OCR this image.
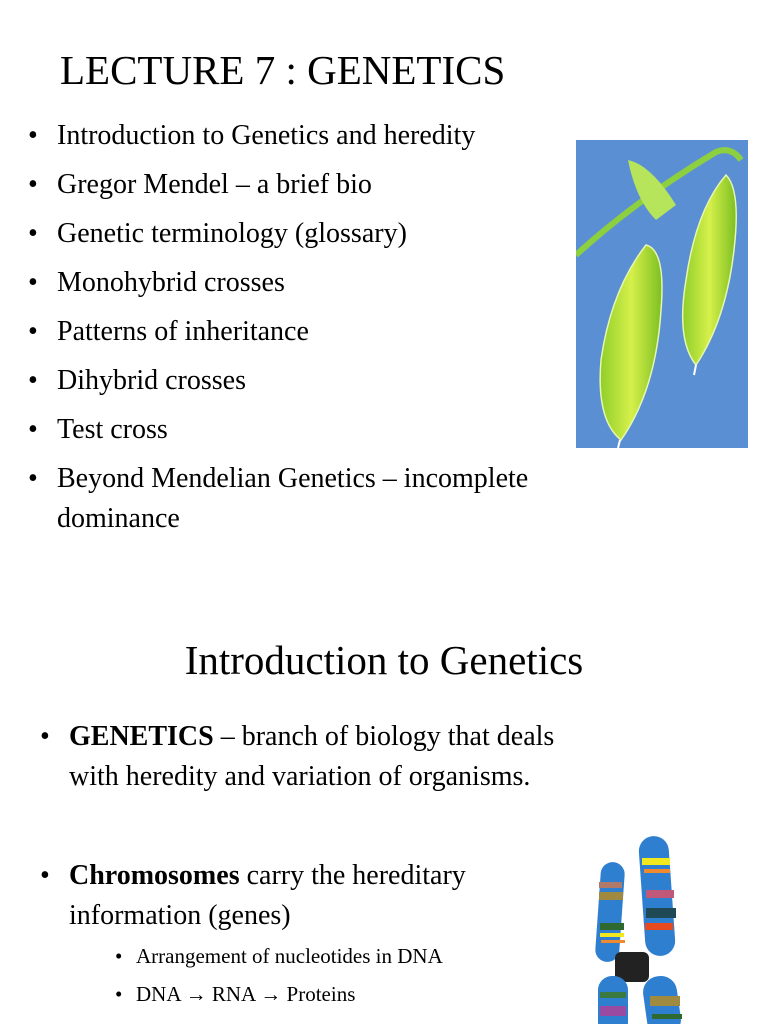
LECTURE 7 : GENETICS
• Introduction to Genetics and heredity
• Gregor Mendel – a brief bio
• Genetic terminology (glossary)
• Monohybrid crosses
• Patterns of inheritance
• Dihybrid crosses
• Test cross
• Beyond Mendelian Genetics – incomplete
dominance
Introduction to Genetics
• GENETICS – branch of biology that deals
with heredity and variation of organisms.
• Chromosomes carry the hereditary
information (genes)
• Arrangement of nucleotides in DNA
• DNA → RNA → Proteins
